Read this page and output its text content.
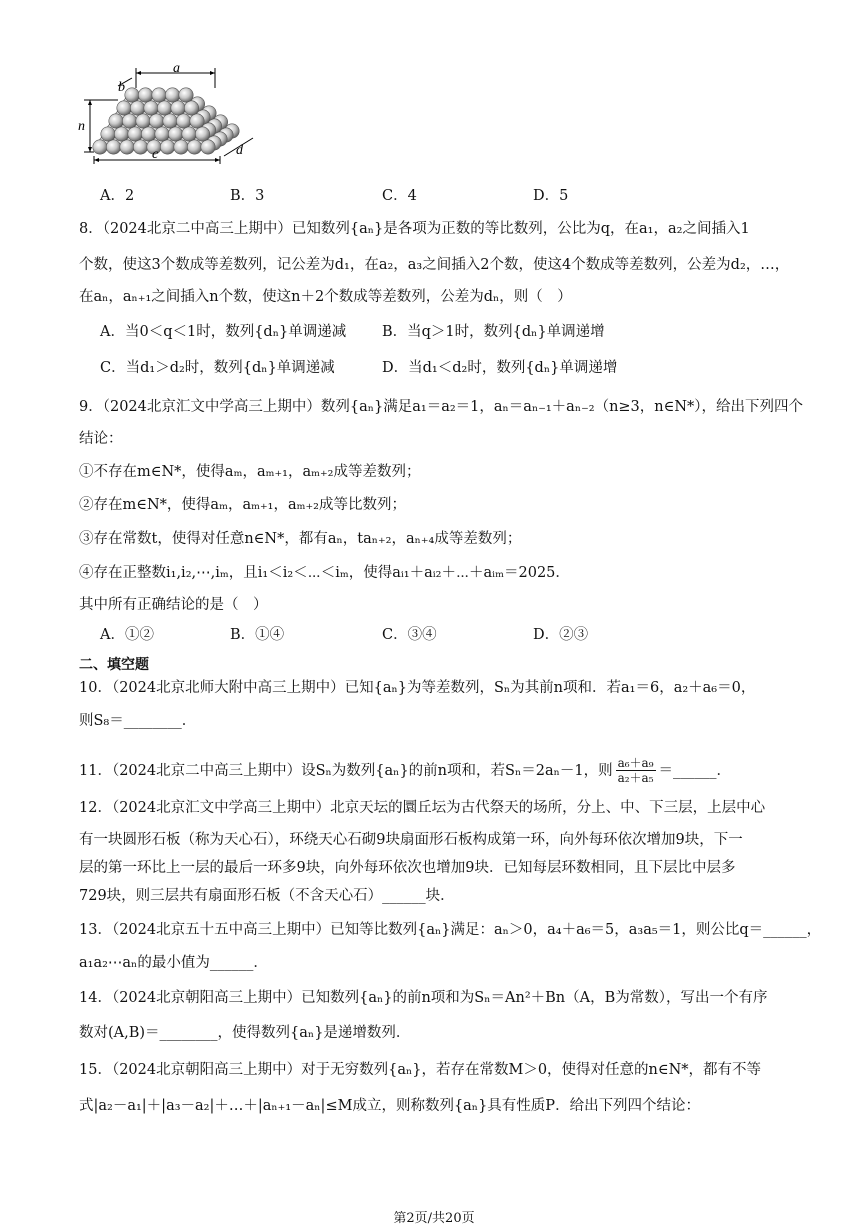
a
b
n
c	d
A．2	B．3	C．4	D．5
8．（2024北京二中高三上期中）已知数列{aₙ}是各项为正数的等比数列，公比为q，在a₁，a₂之间插入1
个数，使这3个数成等差数列，记公差为d₁，在a₂，a₃之间插入2个数，使这4个数成等差数列，公差为d₂，…，
在aₙ，aₙ₊₁之间插入n个数，使这n＋2个数成等差数列，公差为dₙ，则（　）
A．当0＜q＜1时，数列{dₙ}单调递减 B．当q＞1时，数列{dₙ}单调递增
C．当d₁＞d₂时，数列{dₙ}单调递减	D．当d₁＜d₂时，数列{dₙ}单调递增
9．（2024北京汇文中学高三上期中）数列{aₙ}满足a₁＝a₂＝1，aₙ＝aₙ₋₁＋aₙ₋₂（n≥3，n∈N*），给出下列四个
结论：
①不存在m∈N*，使得aₘ，aₘ₊₁，aₘ₊₂成等差数列；
②存在m∈N*，使得aₘ，aₘ₊₁，aₘ₊₂成等比数列；
③存在常数t，使得对任意n∈N*，都有aₙ，taₙ₊₂，aₙ₊₄成等差数列；
④存在正整数i₁,i₂,⋯,iₘ，且i₁＜i₂＜⋯＜iₘ，使得aᵢ₁＋aᵢ₂＋⋯＋aᵢₘ＝2025．
其中所有正确结论的是（　）
A．①②	B．①④	C．③④	D．②③
二、填空题
10．（2024北京北师大附中高三上期中）已知{aₙ}为等差数列，Sₙ为其前n项和．若a₁＝6，a₂＋a₆＝0，
则S₈＝________．
11．（2024北京二中高三上期中）设Sₙ为数列{aₙ}的前n项和，若Sₙ＝2aₙ－1，则 $\frac{\text{a₆＋a₉}}{\text{a₂＋a₅}}$ ＝______．
12．（2024北京汇文中学高三上期中）北京天坛的圜丘坛为古代祭天的场所，分上、中、下三层，上层中心
有一块圆形石板（称为天心石），环绕天心石砌9块扇面形石板构成第一环，向外每环依次增加9块，下一
层的第一环比上一层的最后一环多9块，向外每环依次也增加9块．已知每层环数相同，且下层比中层多
729块，则三层共有扇面形石板（不含天心石）______块．
13．（2024北京五十五中高三上期中）已知等比数列{aₙ}满足：aₙ＞0，a₄＋a₆＝5，a₃a₅＝1，则公比q＝______，
a₁a₂⋯aₙ的最小值为______．
14．（2024北京朝阳高三上期中）已知数列{aₙ}的前n项和为Sₙ＝An²＋Bn（A，B为常数），写出一个有序
数对(A,B)＝________，使得数列{aₙ}是递增数列．
15．（2024北京朝阳高三上期中）对于无穷数列{aₙ}，若存在常数M＞0，使得对任意的n∈N*，都有不等
式|a₂－a₁|＋|a₃－a₂|＋…＋|aₙ₊₁－aₙ|≤M成立，则称数列{aₙ}具有性质P．给出下列四个结论：
第2页/共20页
